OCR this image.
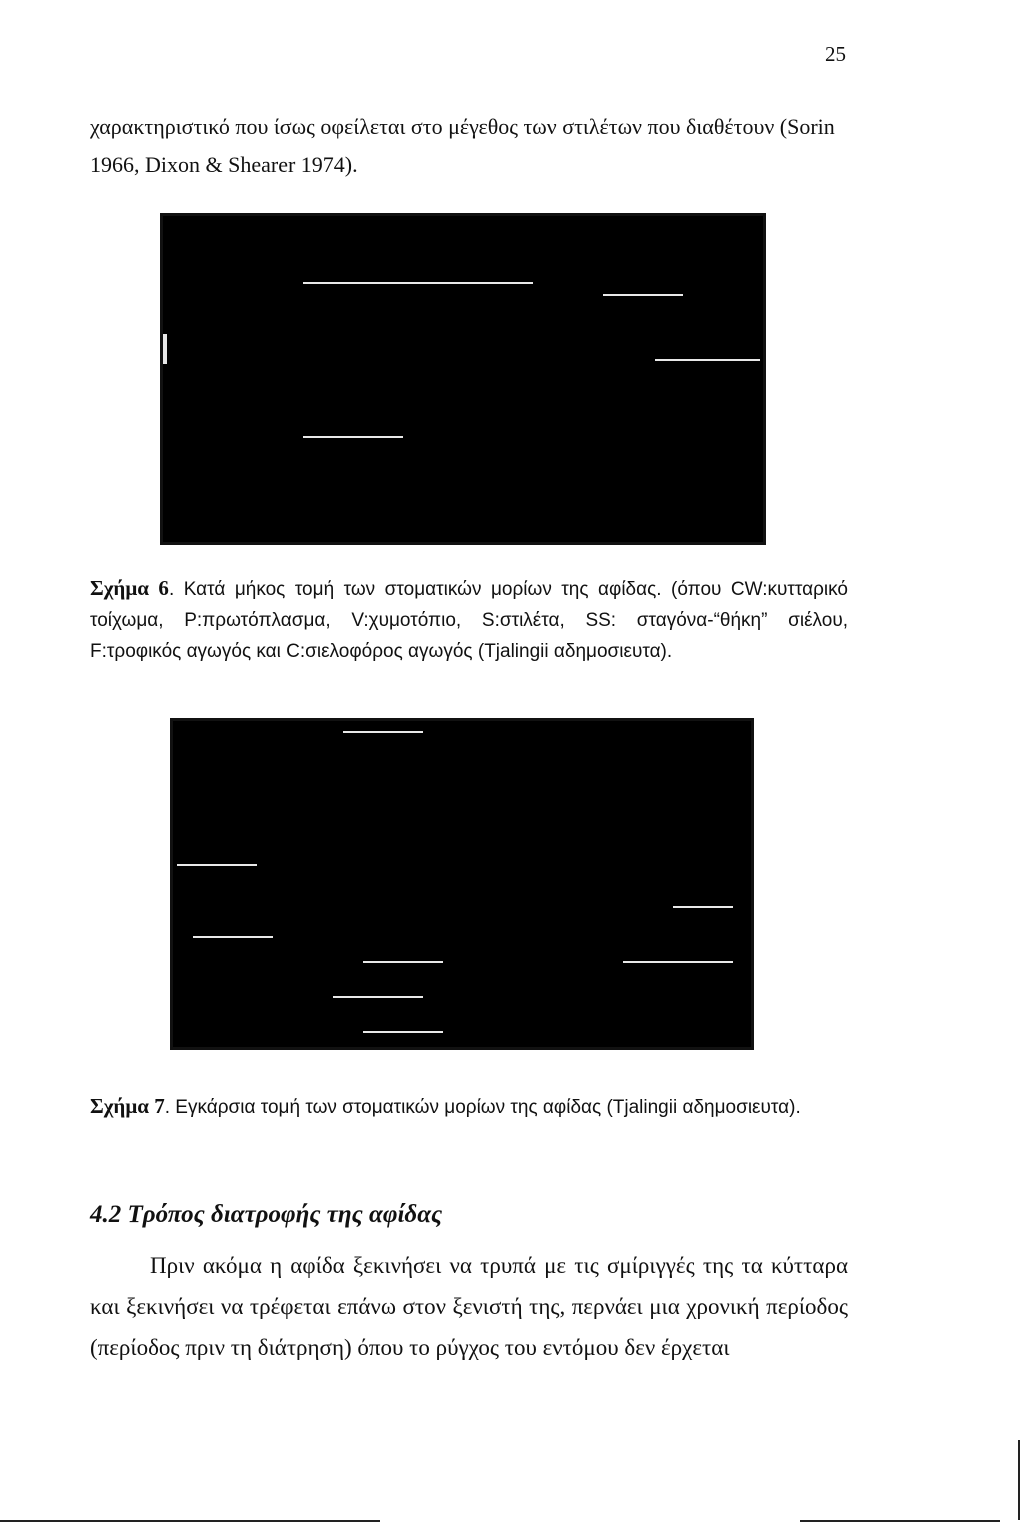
25
χαρακτηριστικό που ίσως οφείλεται στο μέγεθος των στιλέτων που διαθέτουν (Sorin 1966, Dixon & Shearer 1974).
Σχήμα 6. Κατά μήκος τομή των στοματικών μορίων της αφίδας. (όπου CW:κυτταρικό τοίχωμα, P:πρωτόπλασμα, V:χυμοτόπιο, S:στιλέτα, SS: σταγόνα-“θήκη” σιέλου, F:τροφικός αγωγός και C:σιελοφόρος αγωγός (Tjalingii αδημοσιευτα).
Σχήμα 7. Εγκάρσια τομή των στοματικών μορίων της αφίδας (Tjalingii αδημοσιευτα).
4.2 Τρόπος διατροφής της αφίδας
Πριν ακόμα η αφίδα ξεκινήσει να τρυπά με τις σμίριγγές της τα κύτταρα και ξεκινήσει να τρέφεται επάνω στον ξενιστή της, περνάει μια χρονική περίοδος (περίοδος πριν τη διάτρηση) όπου το ρύγχος του εντόμου δεν έρχεται
